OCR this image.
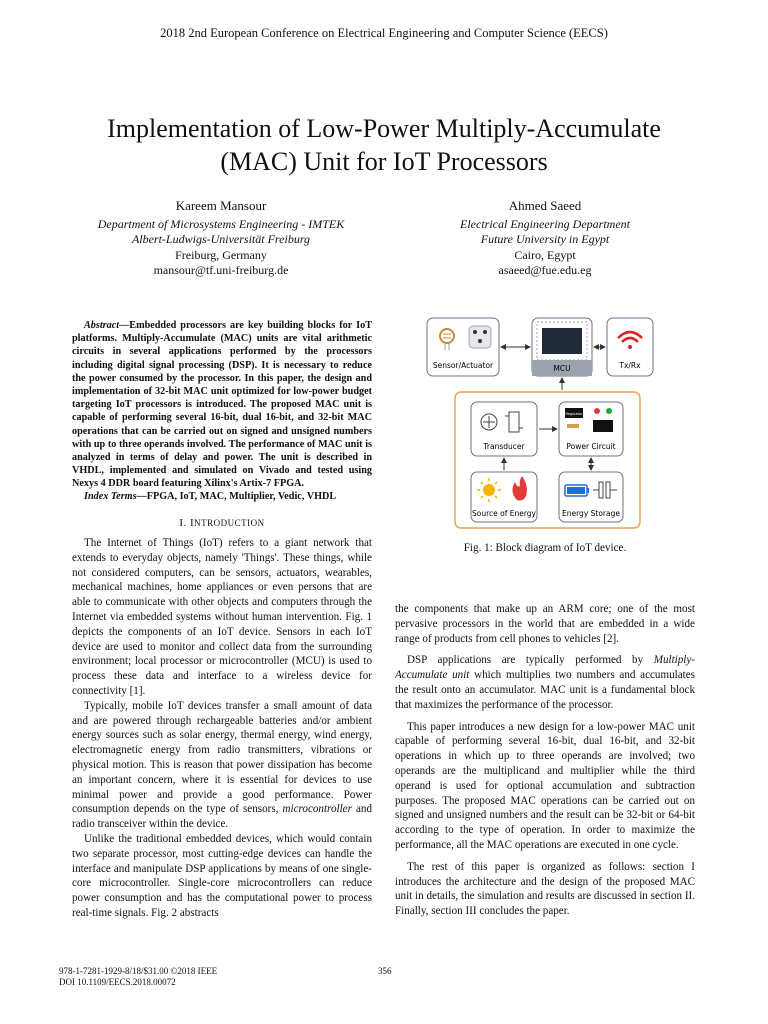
2018 2nd European Conference on Electrical Engineering and Computer Science (EECS)
Implementation of Low-Power Multiply-Accumulate
(MAC) Unit for IoT Processors
Kareem Mansour
Department of Microsystems Engineering - IMTEK
Albert-Ludwigs-Universität Freiburg
Freiburg, Germany
mansour@tf.uni-freiburg.de
Ahmed Saeed
Electrical Engineering Department
Future University in Egypt
Cairo, Egypt
asaeed@fue.edu.eg
Abstract—Embedded processors are key building blocks for IoT platforms. Multiply-Accumulate (MAC) units are vital arithmetic circuits in several applications performed by the processors including digital signal processing (DSP). It is necessary to reduce the power consumed by the processor. In this paper, the design and implementation of 32-bit MAC unit optimized for low-power budget targeting IoT processors is introduced. The proposed MAC unit is capable of performing several 16-bit, dual 16-bit, and 32-bit MAC operations that can be carried out on signed and unsigned numbers with up to three operands involved. The performance of MAC unit is analyzed in terms of delay and power. The unit is described in VHDL, implemented and simulated on Vivado and tested using Nexys 4 DDR board featuring Xilinx's Artix-7 FPGA.
Index Terms—FPGA, IoT, MAC, Multiplier, Vedic, VHDL
I. INTRODUCTION

The Internet of Things (IoT) refers to a giant network that extends to everyday objects, namely 'Things'. These things, while not considered computers, can be sensors, actuators, wearables, mechanical machines, home appliances or even persons that are able to communicate with other objects and computers through the Internet via embedded systems without human intervention. Fig. 1 depicts the components of an IoT device. Sensors in each IoT device are used to monitor and collect data from the surrounding environment; local processor or microcontroller (MCU) is used to process these data and interface to a wireless device for connectivity [1].

Typically, mobile IoT devices transfer a small amount of data and are powered through rechargeable batteries and/or ambient energy sources such as solar energy, thermal energy, wind energy, electromagnetic energy from radio transmitters, vibrations or physical motion. This is reason that power dissipation has become an important concern, where it is essential for devices to use minimal power and provide a good performance. Power consumption depends on the type of sensors, microcontroller and radio transceiver within the device.

Unlike the traditional embedded devices, which would contain two separate processor, most cutting-edge devices can handle the interface and manipulate DSP applications by means of one single-core microcontroller. Single-core microcontrollers can reduce power consumption and has the computational power to process real-time signals. Fig. 2 abstracts

Sensor/Actuator	MCU	Tx/Rx
Transducer
Regulator
Power Circuit
Source of Energy	Energy Storage
Fig. 1: Block diagram of IoT device.

the components that make up an ARM core; one of the most pervasive processors in the world that are embedded in a wide range of products from cell phones to vehicles [2].

DSP applications are typically performed by Multiply-Accumulate unit which multiplies two numbers and accumulates the result onto an accumulator. MAC unit is a fundamental block that maximizes the performance of the processor.

This paper introduces a new design for a low-power MAC unit capable of performing several 16-bit, dual 16-bit, and 32-bit operations in which up to three operands are involved; two operands are the multiplicand and multiplier while the third operand is used for optional accumulation and subtraction purposes. The proposed MAC operations can be carried out on signed and unsigned numbers and the result can be 32-bit or 64-bit according to the type of operation. In order to maximize the performance, all the MAC operations are executed in one cycle.

The rest of this paper is organized as follows: section I introduces the architecture and the design of the proposed MAC unit in details, the simulation and results are discussed in section II. Finally, section III concludes the paper.

978-1-7281-1929-8/18/$31.00 ©2018 IEEE
DOI 10.1109/EECS.2018.00072
356
